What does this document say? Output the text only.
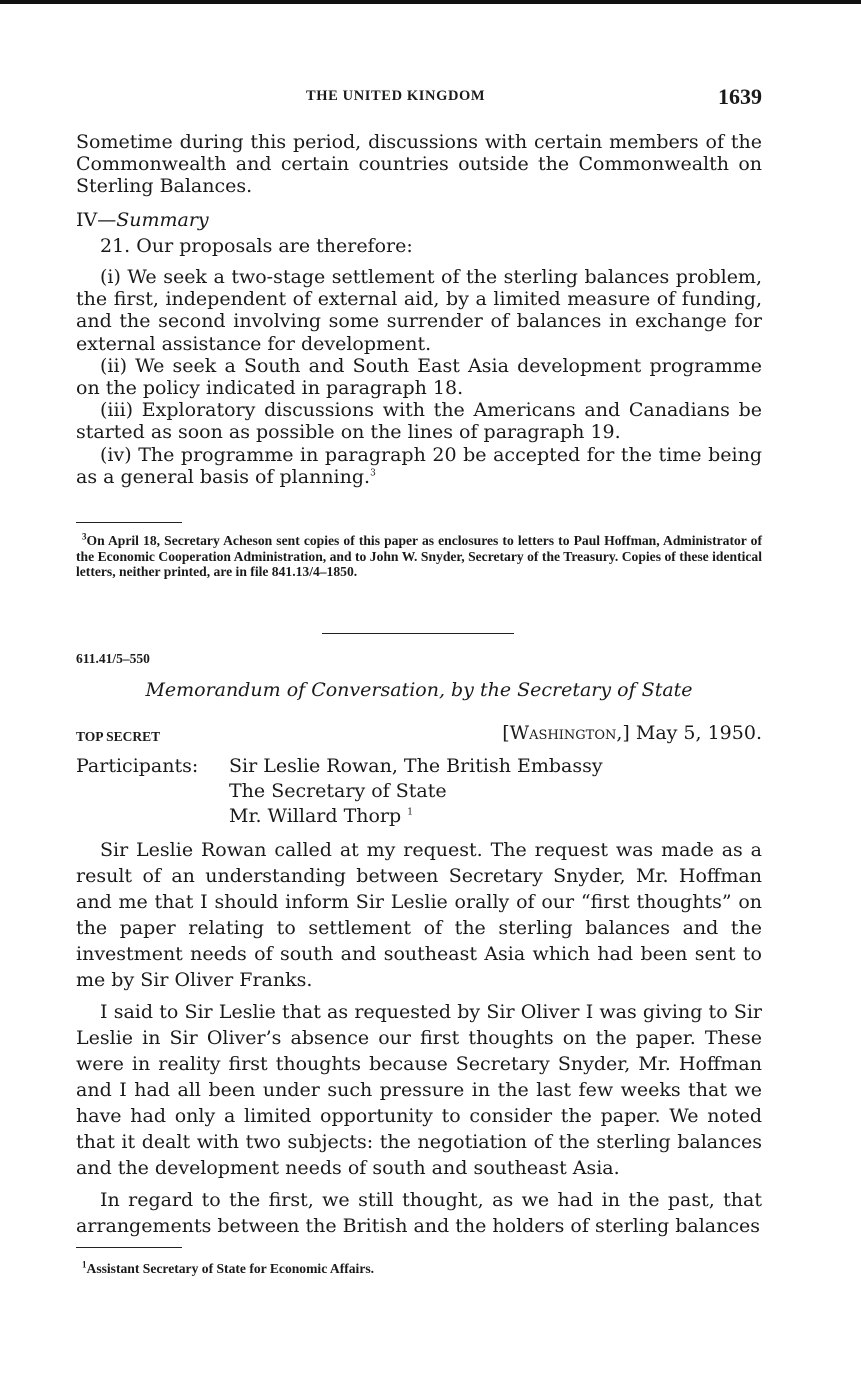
THE UNITED KINGDOM	1639

Sometime during this period, discussions with certain members of the Commonwealth and certain countries outside the Commonwealth on Sterling Balances.

IV—Summary

21. Our proposals are therefore:

(i) We seek a two-stage settlement of the sterling balances problem, the first, independent of external aid, by a limited measure of funding, and the second involving some surrender of balances in exchange for external assistance for development.

(ii) We seek a South and South East Asia development programme on the policy indicated in paragraph 18.

(iii) Exploratory discussions with the Americans and Canadians be started as soon as possible on the lines of paragraph 19.

(iv) The programme in paragraph 20 be accepted for the time being as a general basis of planning.$^3$

$^3$On April 18, Secretary Acheson sent copies of this paper as enclosures to letters to Paul Hoffman, Administrator of the Economic Cooperation Administration, and to John W. Snyder, Secretary of the Treasury. Copies of these identical letters, neither printed, are in file 841.13/4–1850.

611.41/5–550
Memorandum of Conversation, by the Secretary of State
TOP SECRET	[Washington,] May 5, 1950.
Participants: Sir Leslie Rowan, The British Embassy
The Secretary of State
Mr. Willard Thorp $^1$

Sir Leslie Rowan called at my request. The request was made as a result of an understanding between Secretary Snyder, Mr. Hoffman and me that I should inform Sir Leslie orally of our “first thoughts” on the paper relating to settlement of the sterling balances and the investment needs of south and southeast Asia which had been sent to me by Sir Oliver Franks.

I said to Sir Leslie that as requested by Sir Oliver I was giving to Sir Leslie in Sir Oliver’s absence our first thoughts on the paper. These were in reality first thoughts because Secretary Snyder, Mr. Hoffman and I had all been under such pressure in the last few weeks that we have had only a limited opportunity to consider the paper. We noted that it dealt with two subjects: the negotiation of the sterling balances and the development needs of south and southeast Asia.

In regard to the first, we still thought, as we had in the past, that arrangements between the British and the holders of sterling balances

$^1$Assistant Secretary of State for Economic Affairs.
